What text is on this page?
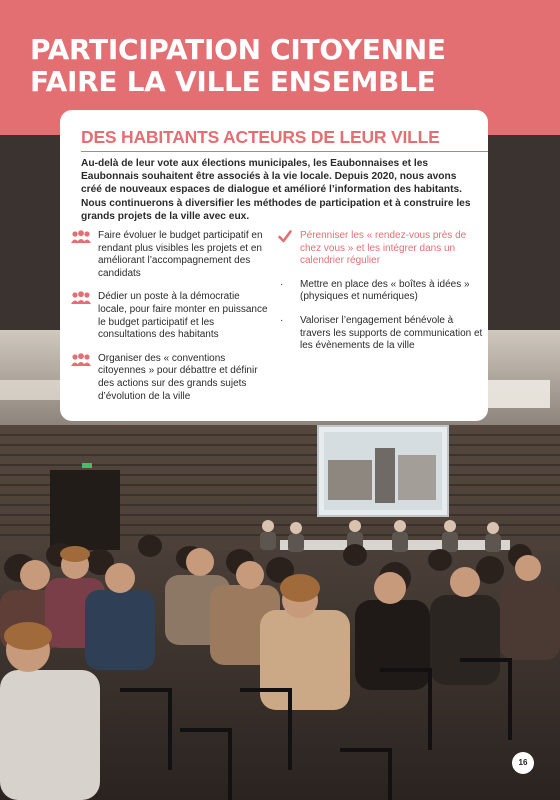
PARTICIPATION CITOYENNE
FAIRE LA VILLE ENSEMBLE
DES HABITANTS ACTEURS DE LEUR VILLE
Au-delà de leur vote aux élections municipales, les Eaubonnaises et les Eaubonnais souhaitent être associés à la vie locale. Depuis 2020, nous avons créé de nouveaux espaces de dialogue et amélioré l’information des habitants. Nous continuerons à diversifier les méthodes de participation et à construire les grands projets de la ville avec eux.
Faire évoluer le budget participatif en rendant plus visibles les projets et en améliorant l’accompagnement des candidats
Dédier un poste à la démocratie locale, pour faire monter en puissance le budget participatif et les consultations des habitants
Organiser des « conventions citoyennes » pour débattre et définir des actions sur des grands sujets d’évolution de la ville
Pérenniser les « rendez-vous près de chez vous » et les intégrer dans un calendrier régulier
· Mettre en place des « boîtes à idées » (physiques et numériques)
· Valoriser l’engagement bénévole à travers les supports de communication et les évènements de la ville
16
